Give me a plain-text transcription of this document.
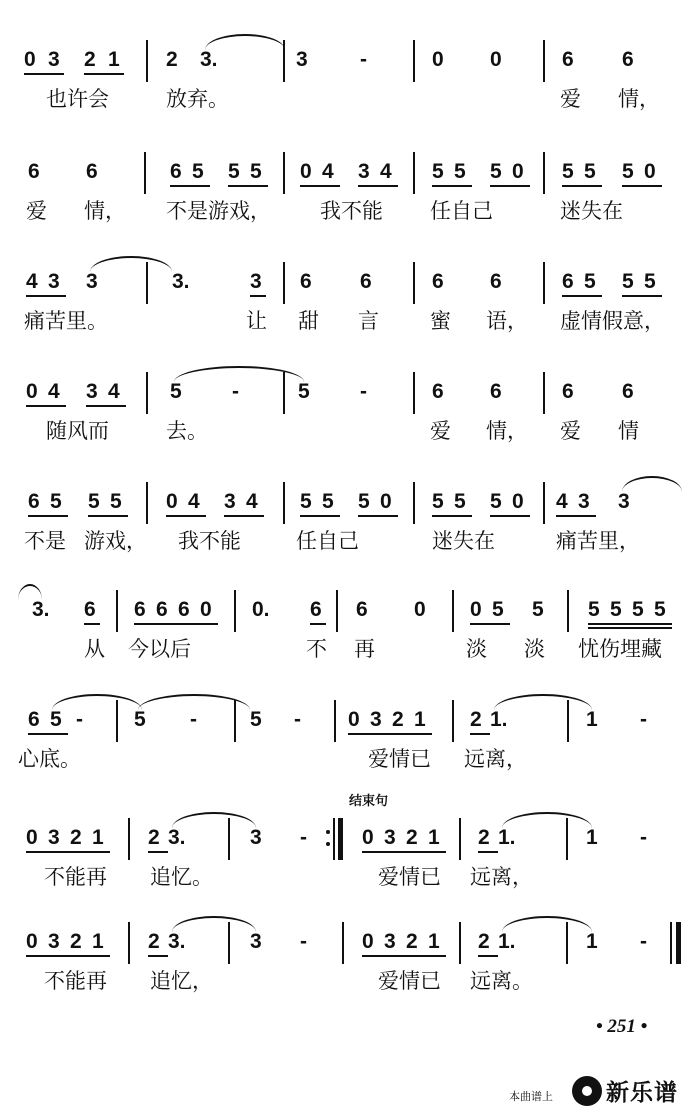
0 3 2 1 2 3.	3 -	0 0	6 6
也许会	放弃。	爱 情，
6 6	6 5 5 5 0 4 3 4 5 5 5 0 5 5 5 0
爱 情， 不是游戏， 我不能 任自己	迷失在
4 3 3	3.	3 6 6	6 6	6 5 5 5
痛苦里。	让 甜 言 蜜 语， 虚情假意，
0 4 3 4 5 -	5 -	6 6	6 6
随风而	去。	爱 情， 爱 情
6 5 5 5 0 4 3 4 5 5 5 0 5 5 5 0 4 3 3
不是 游戏， 我不能	任自己	迷失在	痛苦里，
3. 6 6 6 6 0 0. 6 6 0 0 5 5 5 5 5 5
从 今以后	不 再	淡 淡 忧伤埋藏
6 5 - 5 -	5 - 0 3 2 1 2 1.	1 -
心底。	爱情已 远离，
0 3 2 1 2 3.	3 -	0 3 2 1 2 1.	1 -
不能再 追忆。	爱情已 远离，
0 3 2 1 2 3.	3 -	0 3 2 1 2 1.	1 -
不能再 追忆，	爱情已 远离。
结束句
• 251 •
本曲谱上 新乐谱
